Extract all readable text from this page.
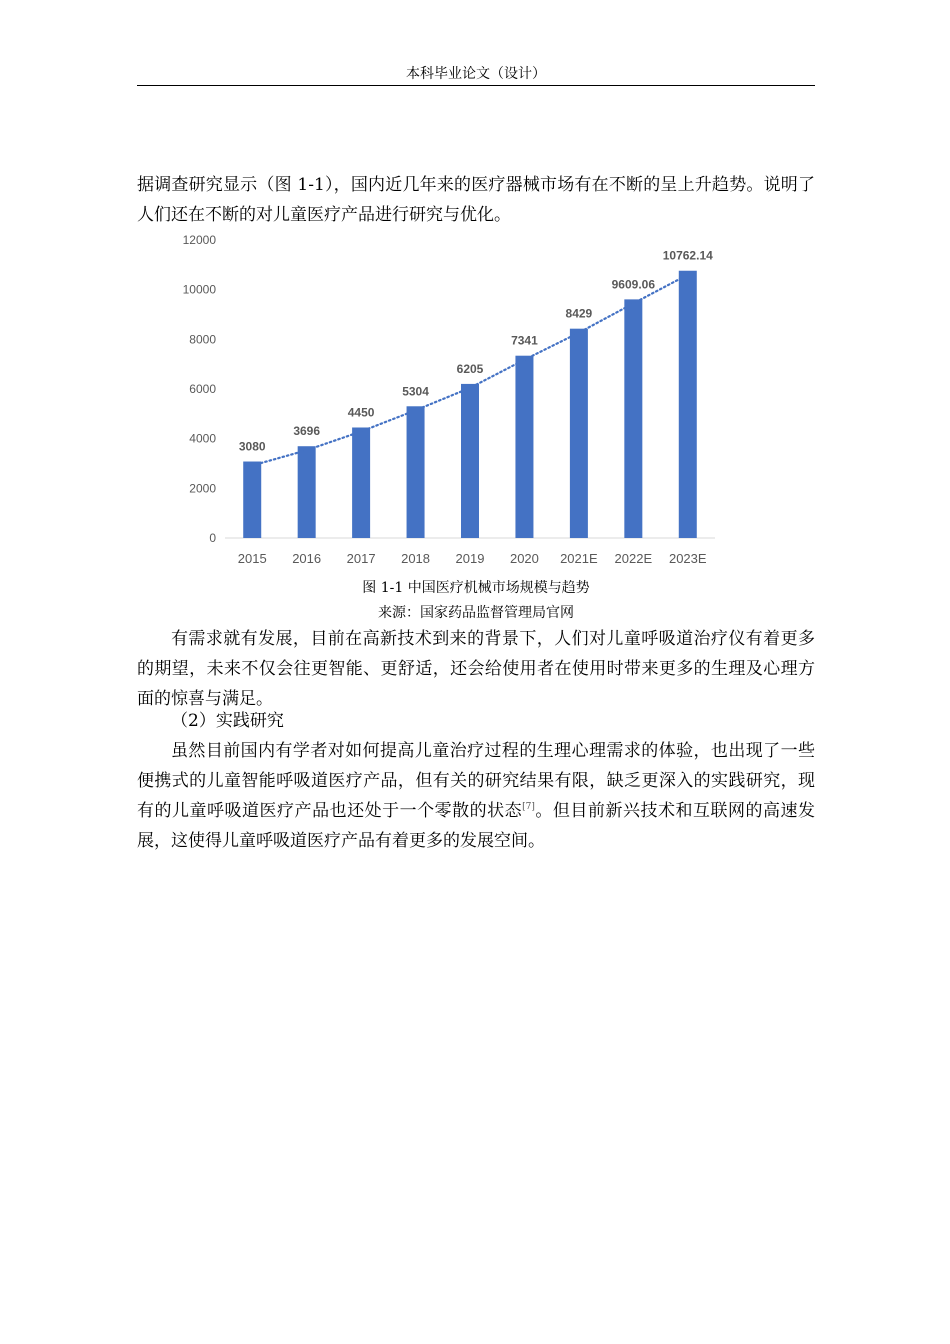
本科毕业论文（设计）

据调查研究显示（图 1-1），国内近几年来的医疗器械市场有在不断的呈上升趋势。说明了人们还在不断的对儿童医疗产品进行研究与优化。

0
2000
4000
6000
8000
10000
12000
3080
3696
4450
5304
6205
7341
8429
9609.06
10762.14
2015 2016 2017 2018 2019 2020 2021E 2022E 2023E
图 1-1 中国医疗机械市场规模与趋势
来源：国家药品监督管理局官网

有需求就有发展，目前在高新技术到来的背景下，人们对儿童呼吸道治疗仪有着更多的期望，未来不仅会往更智能、更舒适，还会给使用者在使用时带来更多的生理及心理方面的惊喜与满足。

（2）实践研究

虽然目前国内有学者对如何提高儿童治疗过程的生理心理需求的体验，也出现了一些便携式的儿童智能呼吸道医疗产品，但有关的研究结果有限，缺乏更深入的实践研究，现有的儿童呼吸道医疗产品也还处于一个零散的状态[7]。但目前新兴技术和互联网的高速发展，这使得儿童呼吸道医疗产品有着更多的发展空间。
